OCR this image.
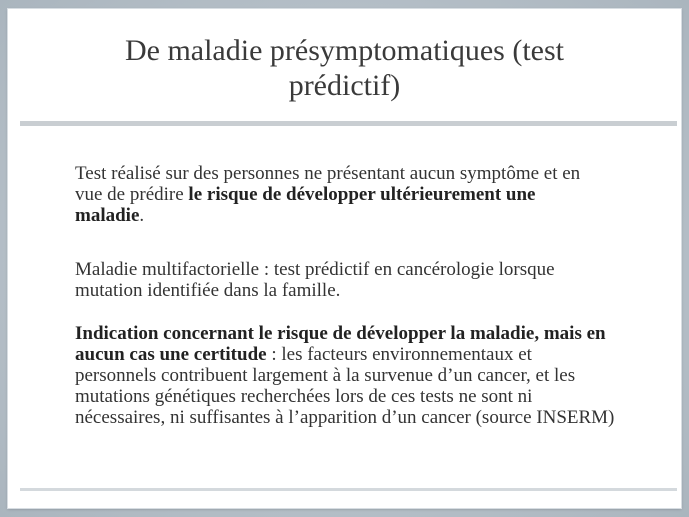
De maladie présymptomatiques (test prédictif)

Test réalisé sur des personnes ne présentant aucun symptôme et en vue de prédire le risque de développer ultérieurement une maladie.

Maladie multifactorielle : test prédictif en cancérologie lorsque mutation identifiée dans la famille.

Indication concernant le risque de développer la maladie, mais en aucun cas une certitude : les facteurs environnementaux et personnels contribuent largement à la survenue d’un cancer, et les mutations génétiques recherchées lors de ces tests ne sont ni nécessaires, ni suffisantes à l’apparition d’un cancer (source INSERM)
